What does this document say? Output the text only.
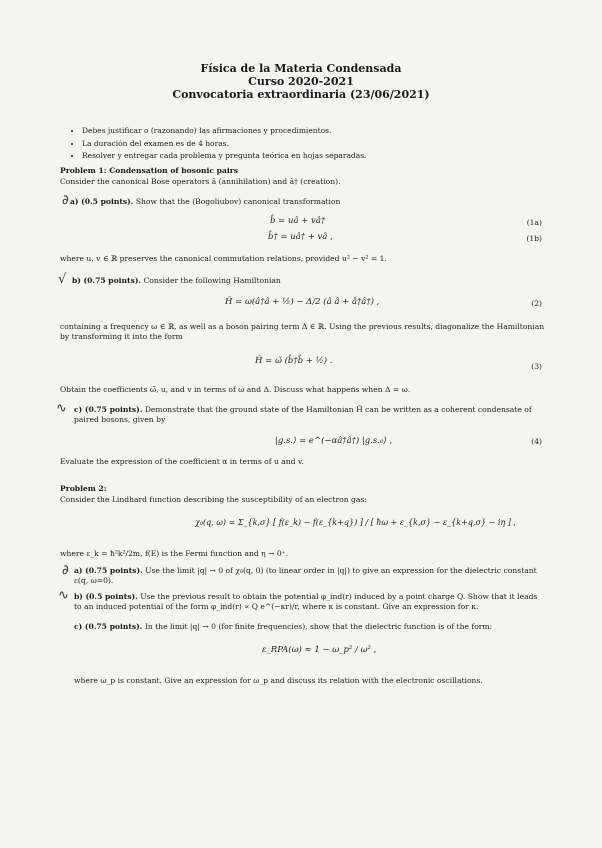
Física de la Materia Condensada
Curso 2020-2021
Convocatoria extraordinaria (23/06/2021)
• Debes justificar o (razonando) las afirmaciones y procedimientos.
• La duración del examen es de 4 horas.
• Resolver y entregar cada problema y pregunta teórica en hojas separadas.
Problem 1: Condensation of bosonic pairs
Consider the canonical Bose operators â (annihilation) and â† (creation).
a) (0.5 points). Show that the (Bogoliubov) canonical transformation
b̂ = uâ + vâ†	(1a)
b̂† = uâ† + vâ ,	(1b)
where u, v ∈ ℝ preserves the canonical commutation relations, provided u² − v² = 1.
b) (0.75 points). Consider the following Hamiltonian
Ĥ = ω(â†â + ½) − Δ/2 (â â + â†â†) ,	(2)
containing a frequency ω ∈ ℝ, as well as a boson pairing term Δ ∈ ℝ. Using the previous results, diagonalize the Hamiltonian by transforming it into the form
Ĥ = ω̃ (b̂†b̂ + ½) .
(3)
Obtain the coefficients ω̃, u, and v in terms of ω and Δ. Discuss what happens when Δ = ω.
c) (0.75 points). Demonstrate that the ground state of the Hamiltonian Ĥ can be written as a coherent condensate of paired bosons, given by
|g.s.⟩ = e^(−αâ†â†) |g.s.₀⟩ ,	(4)
Evaluate the expression of the coefficient α in terms of u and v.
Problem 2:
Consider the Lindhard function describing the susceptibility of an electron gas:
χ₀(q, ω) = Σ_{k,σ} [ f(ε_k) − f(ε_{k+q}) ] / [ ħω + ε_{k,σ} − ε_{k+q,σ} − iη ] ,
where ε_k = ħ²k²/2m, f(E) is the Fermi function and η → 0⁺.
a) (0.75 points). Use the limit |q| → 0 of χ₀(q, 0) (to linear order in |q|) to give an expression for the dielectric constant ε(q, ω=0).
b) (0.5 points). Use the previous result to obtain the potential φ_ind(r) induced by a point charge Q. Show that it leads to an induced potential of the form φ_ind(r) ∝ Q e^(−κr)/r, where κ is constant. Give an expression for κ.
c) (0.75 points). In the limit |q| → 0 (for finite frequencies), show that the dielectric function is of the form:
ε_RPA(ω) ≈ 1 − ω_p² / ω² ,
where ω_p is constant. Give an expression for ω_p and discuss its relation with the electronic oscillations.
∂
√
∿
∂
∿
